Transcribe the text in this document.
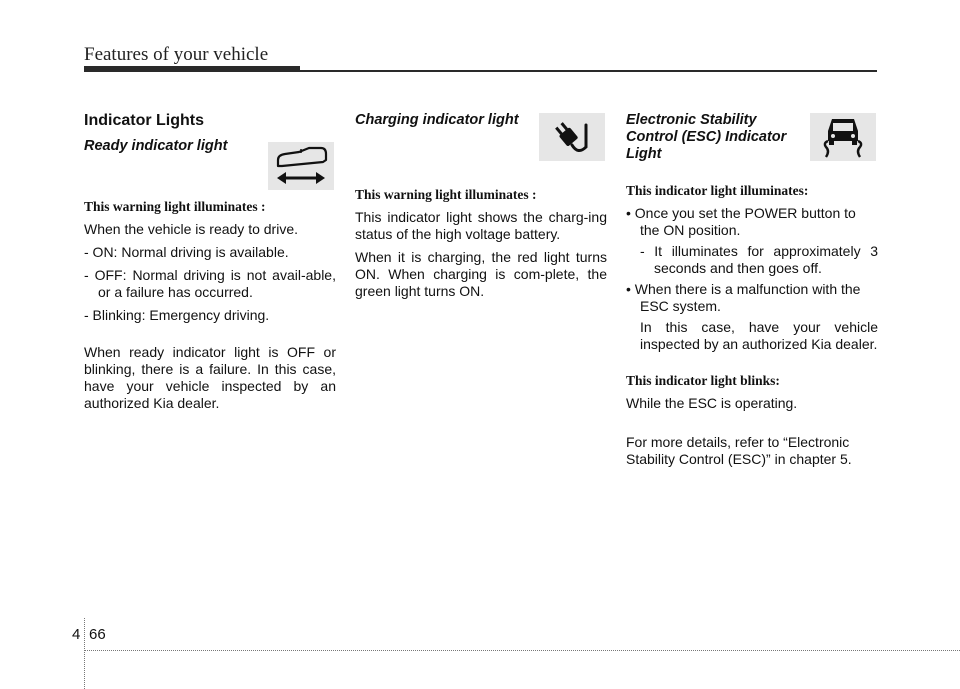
Features of your vehicle
Indicator Lights
Ready indicator light
This warning light illuminates :

When the vehicle is ready to drive.

- ON: Normal driving is available.
- OFF: Normal driving is not avail-able, or a failure has occurred.
- Blinking: Emergency driving.

When ready indicator light is OFF or blinking, there is a failure. In this case, have your vehicle inspected by an authorized Kia dealer.

Charging indicator light
This warning light illuminates :

This indicator light shows the charg-ing status of the high voltage battery.

When it is charging, the red light turns ON. When charging is com-plete, the green light turns ON.

Electronic Stability Control (ESC) Indicator Light
This indicator light illuminates:
• Once you set the POWER button to the ON position.
- It illuminates for approximately 3 seconds and then goes off.
• When there is a malfunction with the ESC system.
In this case, have your vehicle inspected by an authorized Kia dealer.
This indicator light blinks:

While the ESC is operating.

For more details, refer to “Electronic Stability Control (ESC)” in chapter 5.

4 66
